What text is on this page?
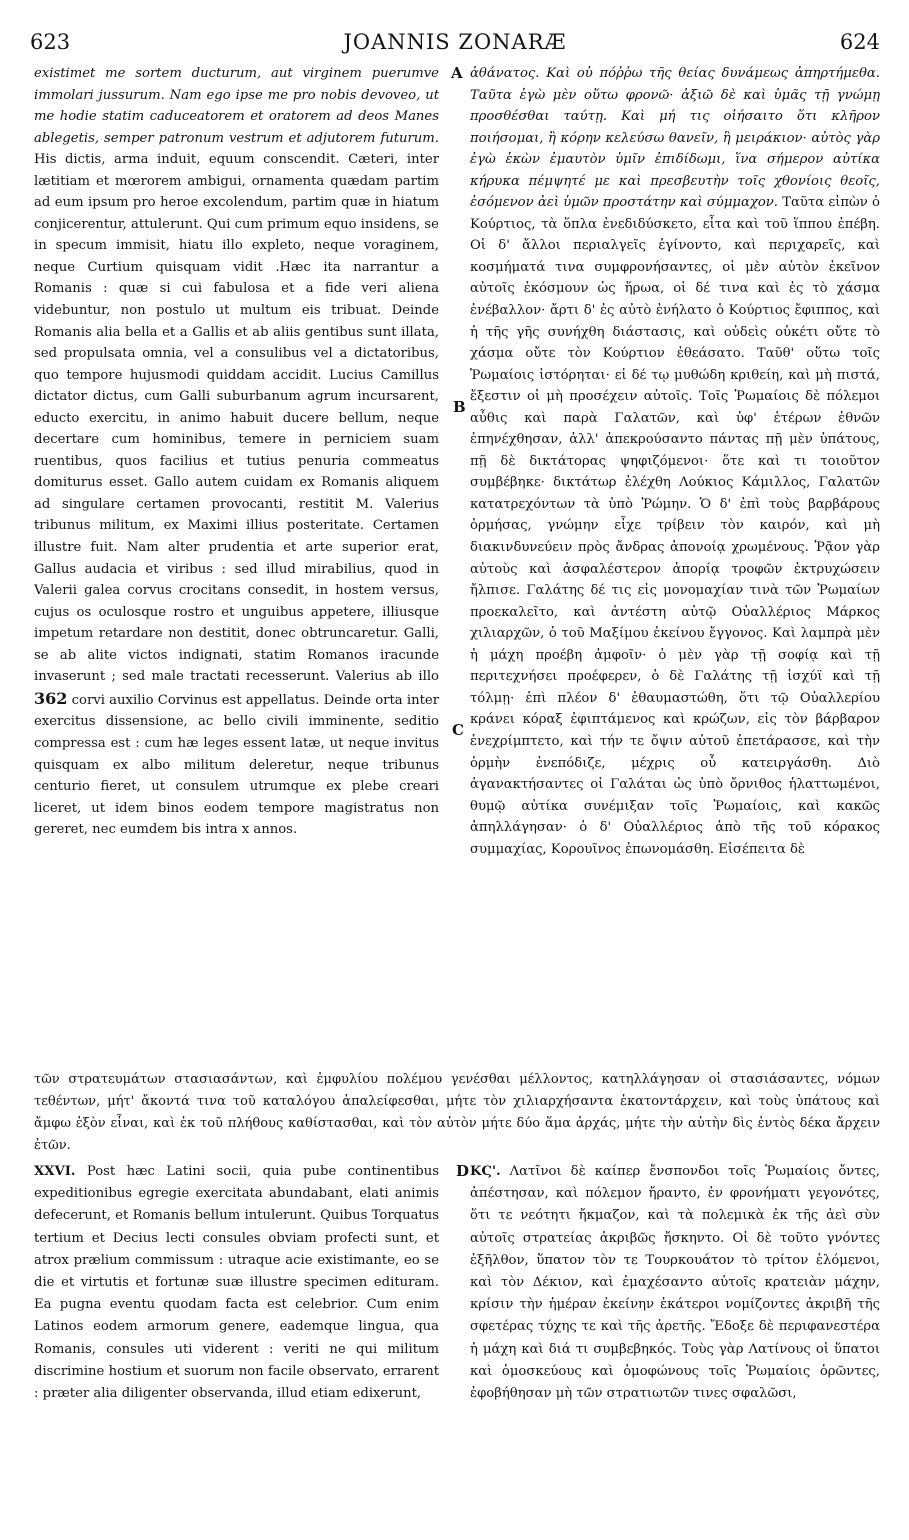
623	JOANNIS ZONARÆ	624

existimet me sortem ducturum, aut virginem puerumve immolari jussurum. Nam ego ipse me pro nobis devoveo, ut me hodie statim caduceatorem et oratorem ad deos Manes ablegetis, semper patronum vestrum et adjutorem futurum. His dictis, arma induit, equum conscendit. Cæteri, inter lætitiam et mœrorem ambigui, ornamenta quædam partim ad eum ipsum pro heroe excolendum, partim quæ in hiatum conjicerentur, attulerunt. Qui cum primum equo insidens, se in specum immisit, hiatu illo expleto, neque voraginem, neque Curtium quisquam vidit .Hæc ita narrantur a Romanis : quæ si cui fabulosa et a fide veri aliena videbuntur, non postulo ut multum eis tribuat. Deinde Romanis alia bella et a Gallis et ab aliis gentibus sunt illata, sed propulsata omnia, vel a consulibus vel a dictatoribus, quo tempore hujusmodi quiddam accidit. Lucius Camillus dictator dictus, cum Galli suburbanum agrum incursarent, educto exercitu, in animo habuit ducere bellum, neque decertare cum hominibus, temere in perniciem suam ruentibus, quos facilius et tutius penuria commeatus domiturus esset. Gallo autem cuidam ex Romanis aliquem ad singulare certamen provocanti, restitit M. Valerius tribunus militum, ex Maximi illius posteritate. Certamen illustre fuit. Nam alter prudentia et arte superior erat, Gallus audacia et viribus : sed illud mirabilius, quod in Valerii galea corvus crocitans consedit, in hostem versus, cujus os oculosque rostro et unguibus appetere, illiusque impetum retardare non destitit, donec obtruncaretur. Galli, se ab alite victos indignati, statim Romanos iracunde invaserunt ; sed male tractati recesserunt. Valerius ab illo 362 corvi auxilio Corvinus est appellatus. Deinde orta inter exercitus dissensione, ac bello civili imminente, seditio compressa est : cum hæ leges essent latæ, ut neque invitus quisquam ex albo militum deleretur, neque tribunus centurio fieret, ut consulem utrumque ex plebe creari liceret, ut idem binos eodem tempore magistratus non gereret, nec eumdem bis intra x annos.

ἀθάνατος. Καὶ οὐ πόῤῥω τῆς θείας δυνάμεως ἀπηρτήμεθα. Ταῦτα ἐγὼ μὲν οὕτω φρονῶ· ἀξιῶ δὲ καὶ ὑμᾶς τῇ γνώμῃ προσθέσθαι ταύτῃ. Καὶ μή τις οἰήσαιτο ὅτι κλῆρον ποιήσομαι, ἢ κόρην κελεύσω θανεῖν, ἢ μειράκιον· αὐτὸς γὰρ ἐγὼ ἑκὼν ἐμαυτὸν ὑμῖν ἐπιδίδωμι, ἵνα σήμερον αὐτίκα κήρυκα πέμψητέ με καὶ πρεσβευτὴν τοῖς χθονίοις θεοῖς, ἐσόμενον ἀεὶ ὑμῶν προστάτην καὶ σύμμαχον. Ταῦτα εἰπὼν ὁ Κούρτιος, τὰ ὅπλα ἐνεδιδύσκετο, εἶτα καὶ τοῦ ἵππου ἐπέβη. Οἱ δ' ἄλλοι περιαλγεῖς ἐγίνοντο, καὶ περιχαρεῖς, καὶ κοσμήματά τινα συμφρονήσαντες, οἱ μὲν αὐτὸν ἐκεῖνον αὐτοῖς ἐκόσμουν ὡς ἥρωα, οἱ δέ τινα καὶ ἐς τὸ χάσμα ἐνέβαλλον· ἄρτι δ' ἐς αὐτὸ ἐνήλατο ὁ Κούρτιος ἔφιππος, καὶ ἡ τῆς γῆς συνήχθη διάστασις, καὶ οὐδεὶς οὐκέτι οὔτε τὸ χάσμα οὔτε τὸν Κούρτιον ἐθεάσατο. Ταῦθ' οὕτω τοῖς Ῥωμαίοις ἱστόρηται· εἰ δέ τῳ μυθώδη κριθείη, καὶ μὴ πιστά, ἔξεστιν οἱ μὴ προσέχειν αὐτοῖς. Τοῖς Ῥωμαίοις δὲ πόλεμοι αὖθις καὶ παρὰ Γαλατῶν, καὶ ὑφ' ἑτέρων ἐθνῶν ἐπηνέχθησαν, ἀλλ' ἀπεκρούσαντο πάντας πῇ μὲν ὑπάτους, πῇ δὲ δικτάτορας ψηφιζόμενοι· ὅτε καὶ τι τοιοῦτον συμβέβηκε· δικτάτωρ ἐλέχθη Λούκιος Κάμιλλος, Γαλατῶν κατατρεχόντων τὰ ὑπὸ Ῥώμην. Ὁ δ' ἐπὶ τοὺς βαρβάρους ὁρμήσας, γνώμην εἶχε τρίβειν τὸν καιρόν, καὶ μὴ διακινδυνεύειν πρὸς ἄνδρας ἀπονοίᾳ χρωμένους. Ῥᾷον γὰρ αὐτοὺς καὶ ἀσφαλέστερον ἀπορίᾳ τροφῶν ἐκτρυχώσειν ἤλπισε. Γαλάτης δέ τις εἰς μονομαχίαν τινὰ τῶν Ῥωμαίων προεκαλεῖτο, καὶ ἀντέστη αὐτῷ Οὐαλλέριος Μάρκος χιλιαρχῶν, ὁ τοῦ Μαξίμου ἐκείνου ἔγγονος. Καὶ λαμπρὰ μὲν ἡ μάχη προέβη ἀμφοῖν· ὁ μὲν γὰρ τῇ σοφίᾳ καὶ τῇ περιτεχνήσει προέφερεν, ὁ δὲ Γαλάτης τῇ ἰσχύϊ καὶ τῇ τόλμῃ· ἐπὶ πλέον δ' ἐθαυμαστώθη, ὅτι τῷ Οὐαλλερίου κράνει κόραξ ἐφιπτάμενος καὶ κρώζων, εἰς τὸν βάρβαρον ἐνεχρίμπτετο, καὶ τήν τε ὄψιν αὐτοῦ ἐπετάρασσε, καὶ τὴν ὁρμὴν ἐνεπόδιζε, μέχρις οὗ κατειργάσθη. Διὸ ἀγανακτήσαντες οἱ Γαλάται ὡς ὑπὸ ὄρνιθος ἡλαττωμένοι, θυμῷ αὐτίκα συνέμιξαν τοῖς Ῥωμαίοις, καὶ κακῶς ἀπηλλάγησαν· ὁ δ' Οὐαλλέριος ἀπὸ τῆς τοῦ κόρακος συμμαχίας, Κορουῖνος ἐπωνομάσθη. Εἰσέπειτα δὲ

A
B
C
D

τῶν στρατευμάτων στασιασάντων, καὶ ἐμφυλίου πολέμου γενέσθαι μέλλοντος, κατηλλάγησαν οἱ στασιάσαντες, νόμων τεθέντων, μήτ' ἄκοντά τινα τοῦ καταλόγου ἀπαλείφεσθαι, μήτε τὸν χιλιαρχήσαντα ἑκατοντάρχειν, καὶ τοὺς ὑπάτους καὶ ἄμφω ἐξὸν εἶναι, καὶ ἐκ τοῦ πλήθους καθίστασθαι, καὶ τὸν αὐτὸν μήτε δύο ἅμα ἀρχάς, μήτε τὴν αὐτὴν δὶς ἐντὸς δέκα ἄρχειν ἐτῶν.

XXVI. Post hæc Latini socii, quia pube continentibus expeditionibus egregie exercitata abundabant, elati animis defecerunt, et Romanis bellum intulerunt. Quibus Torquatus tertium et Decius lecti consules obviam profecti sunt, et atrox prælium commissum : utraque acie existimante, eo se die et virtutis et fortunæ suæ illustre specimen edituram. Ea pugna eventu quodam facta est celebrior. Cum enim Latinos eodem armorum genere, eademque lingua, qua Romanis, consules uti viderent : veriti ne qui militum discrimine hostium et suorum non facile observato, errarent : præter alia diligenter observanda, illud etiam edixerunt,

ΚϚ'. Λατῖνοι δὲ καίπερ ἔνσπονδοι τοῖς Ῥωμαίοις ὄντες, ἀπέστησαν, καὶ πόλεμον ἤραντο, ἐν φρονήματι γεγονότες, ὅτι τε νεότητι ἤκμαζον, καὶ τὰ πολεμικὰ ἐκ τῆς ἀεὶ σὺν αὐτοῖς στρατείας ἀκριβῶς ἤσκηντο. Οἱ δὲ τοῦτο γνόντες ἐξῆλθον, ὕπατον τὸν τε Τουρκουάτον τὸ τρίτον ἑλόμενοι, καὶ τὸν Δέκιον, καὶ ἐμαχέσαντο αὐτοῖς κρατειὰν μάχην, κρίσιν τὴν ἡμέραν ἐκείνην ἑκάτεροι νομίζοντες ἀκριβῆ τῆς σφετέρας τύχης τε καὶ τῆς ἀρετῆς. Ἔδοξε δὲ περιφανεστέρα ἡ μάχη καὶ διά τι συμβεβηκός. Τοὺς γὰρ Λατίνους οἱ ὕπατοι καὶ ὁμοσκεύους καὶ ὁμοφώνους τοῖς Ῥωμαίοις ὁρῶντες, ἐφοβήθησαν μὴ τῶν στρατιωτῶν τινες σφαλῶσι,
